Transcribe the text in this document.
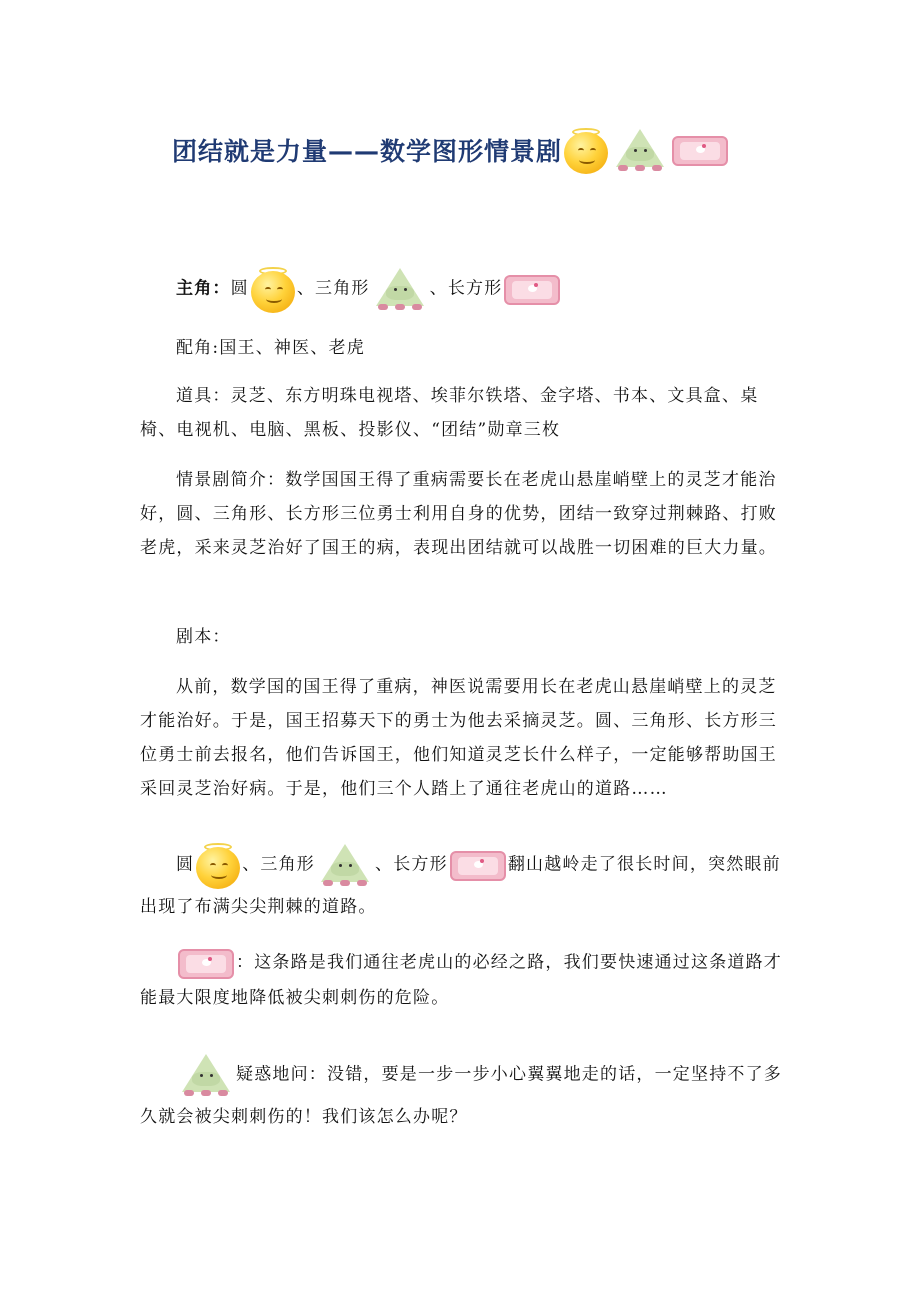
团结就是力量——数学图形情景剧

主角：圆	、三角形	、长方形

配角:国王、神医、老虎

道具：灵芝、东方明珠电视塔、埃菲尔铁塔、金字塔、书本、文具盒、桌椅、电视机、电脑、黑板、投影仪、“团结”勋章三枚

情景剧简介：数学国国王得了重病需要长在老虎山悬崖峭壁上的灵芝才能治好，圆、三角形、长方形三位勇士利用自身的优势，团结一致穿过荆棘路、打败老虎，采来灵芝治好了国王的病，表现出团结就可以战胜一切困难的巨大力量。

剧本：

从前，数学国的国王得了重病，神医说需要用长在老虎山悬崖峭壁上的灵芝才能治好。于是，国王招募天下的勇士为他去采摘灵芝。圆、三角形、长方形三位勇士前去报名，他们告诉国王，他们知道灵芝长什么样子，一定能够帮助国王采回灵芝治好病。于是，他们三个人踏上了通往老虎山的道路……

圆	、三角形	、长方形	翻山越岭走了很长时间，突然眼前出现了布满尖尖荆棘的道路。

：这条路是我们通往老虎山的必经之路，我们要快速通过这条道路才能最大限度地降低被尖刺刺伤的危险。

疑惑地问：没错，要是一步一步小心翼翼地走的话，一定坚持不了多久就会被尖刺刺伤的！我们该怎么办呢？
